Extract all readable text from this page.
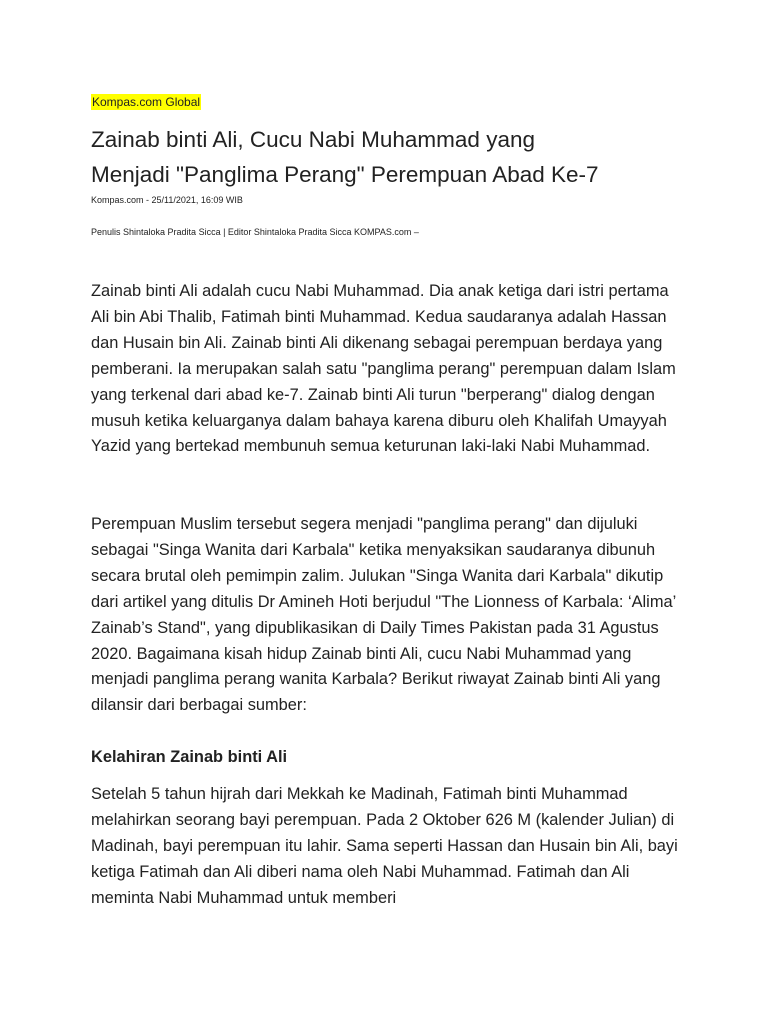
Kompas.com Global
Zainab binti Ali, Cucu Nabi Muhammad yang
Menjadi "Panglima Perang" Perempuan Abad Ke-7
Kompas.com - 25/11/2021, 16:09 WIB
Penulis Shintaloka Pradita Sicca | Editor Shintaloka Pradita Sicca KOMPAS.com –

Zainab binti Ali adalah cucu Nabi Muhammad. Dia anak ketiga dari istri pertama Ali bin Abi Thalib, Fatimah binti Muhammad. Kedua saudaranya adalah Hassan dan Husain bin Ali. Zainab binti Ali dikenang sebagai perempuan berdaya yang pemberani. Ia merupakan salah satu "panglima perang" perempuan dalam Islam yang terkenal dari abad ke-7. Zainab binti Ali turun "berperang" dialog dengan musuh ketika keluarganya dalam bahaya karena diburu oleh Khalifah Umayyah Yazid yang bertekad membunuh semua keturunan laki-laki Nabi Muhammad.

Perempuan Muslim tersebut segera menjadi "panglima perang" dan dijuluki sebagai "Singa Wanita dari Karbala" ketika menyaksikan saudaranya dibunuh secara brutal oleh pemimpin zalim. Julukan "Singa Wanita dari Karbala" dikutip dari artikel yang ditulis Dr Amineh Hoti berjudul "The Lionness of Karbala: ‘Alima’ Zainab’s Stand", yang dipublikasikan di Daily Times Pakistan pada 31 Agustus 2020. Bagaimana kisah hidup Zainab binti Ali, cucu Nabi Muhammad yang menjadi panglima perang wanita Karbala? Berikut riwayat Zainab binti Ali yang dilansir dari berbagai sumber:

Kelahiran Zainab binti Ali

Setelah 5 tahun hijrah dari Mekkah ke Madinah, Fatimah binti Muhammad melahirkan seorang bayi perempuan. Pada 2 Oktober 626 M (kalender Julian) di Madinah, bayi perempuan itu lahir. Sama seperti Hassan dan Husain bin Ali, bayi ketiga Fatimah dan Ali diberi nama oleh Nabi Muhammad. Fatimah dan Ali meminta Nabi Muhammad untuk memberi
